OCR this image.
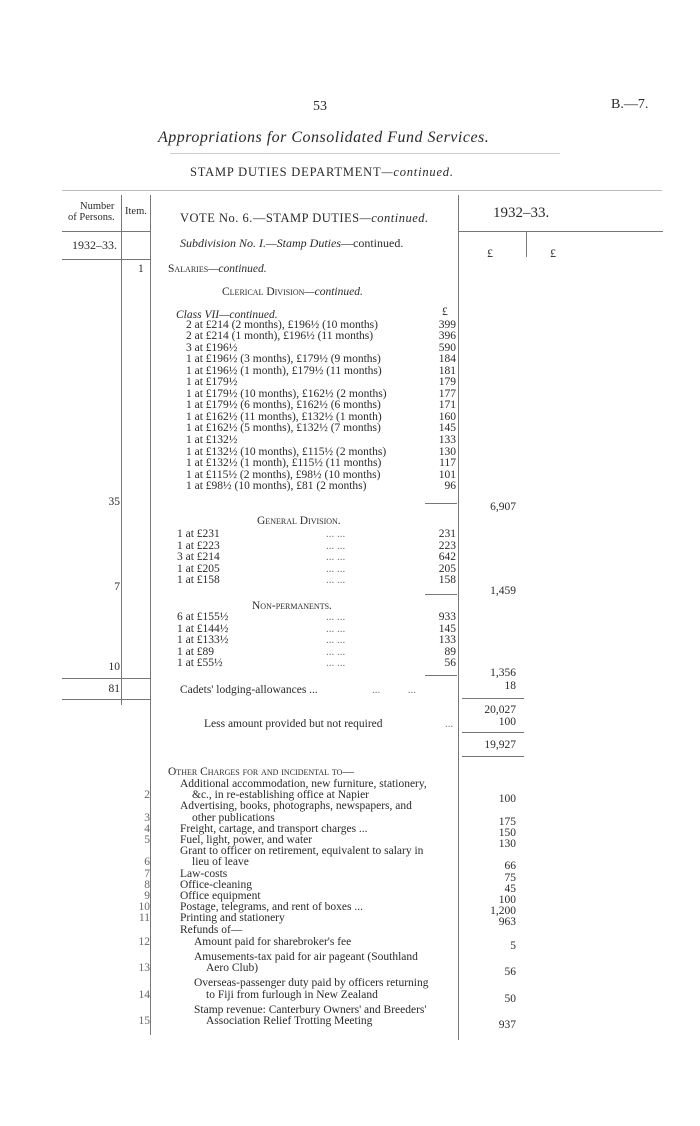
53	B.—7.
Appropriations for Consolidated Fund Services.
STAMP DUTIES DEPARTMENT—continued.
Number
of Persons.
Item.
1932–33.
VOTE No. 6.—STAMP DUTIES—continued.	1932–33.
£	£
Subdivision No. I.—Stamp Duties—continued.
1 Salaries—continued.
Clerical Division—continued.
Class VII—continued.	£
2 at £214 (2 months), £196½ (10 months)	399
2 at £214 (1 month), £196½ (11 months)	396
3 at £196½	590
1 at £196½ (3 months), £179½ (9 months)	184
1 at £196½ (1 month), £179½ (11 months)	181
1 at £179½	179
1 at £179½ (10 months), £162½ (2 months)	177
1 at £179½ (6 months), £162½ (6 months)	171
1 at £162½ (11 months), £132½ (1 month)	160
1 at £162½ (5 months), £132½ (7 months)	145
1 at £132½	133
1 at £132½ (10 months), £115½ (2 months)	130
1 at £132½ (1 month), £115½ (11 months)	117
1 at £115½ (2 months), £98½ (10 months)	101
1 at £98½ (10 months), £81 (2 months)	96
35	6,907
General Division.
1 at £231	231
... ...
1 at £223	223
... ...
3 at £214	642
... ...
1 at £205	205
... ...
1 at £158	158
... ...
7	1,459
Non-permanents.
6 at £155½	933
... ...
1 at £144½	145
... ...
1 at £133½	133
... ...
1 at £89	89
... ...
1 at £55½	56
... ...
10	1,356
81	Cadets' lodging-allowances ...	...          ...	18
20,027
Less amount provided but not required	...	100
19,927
Other Charges for and incidental to—
2
Additional accommodation, new furniture, stationery,
&c., in re-establishing office at Napier	100
3
Advertising, books, photographs, newspapers, and
other publications	175
4	Freight, cartage, and transport charges ...	150
5	Fuel, light, power, and water	130
6
Grant to officer on retirement, equivalent to salary in
lieu of leave	66
7	Law-costs	75
8	Office-cleaning	45
9	Office equipment	100
10	Postage, telegrams, and rent of boxes ...	1,200
11	Printing and stationery	963
Refunds of—
12	Amount paid for sharebroker's fee	5
13
Amusements-tax paid for air pageant (Southland
Aero Club)	56
14
Overseas-passenger duty paid by officers returning
to Fiji from furlough in New Zealand	50
15
Stamp revenue: Canterbury Owners' and Breeders'
Association Relief Trotting Meeting	937
